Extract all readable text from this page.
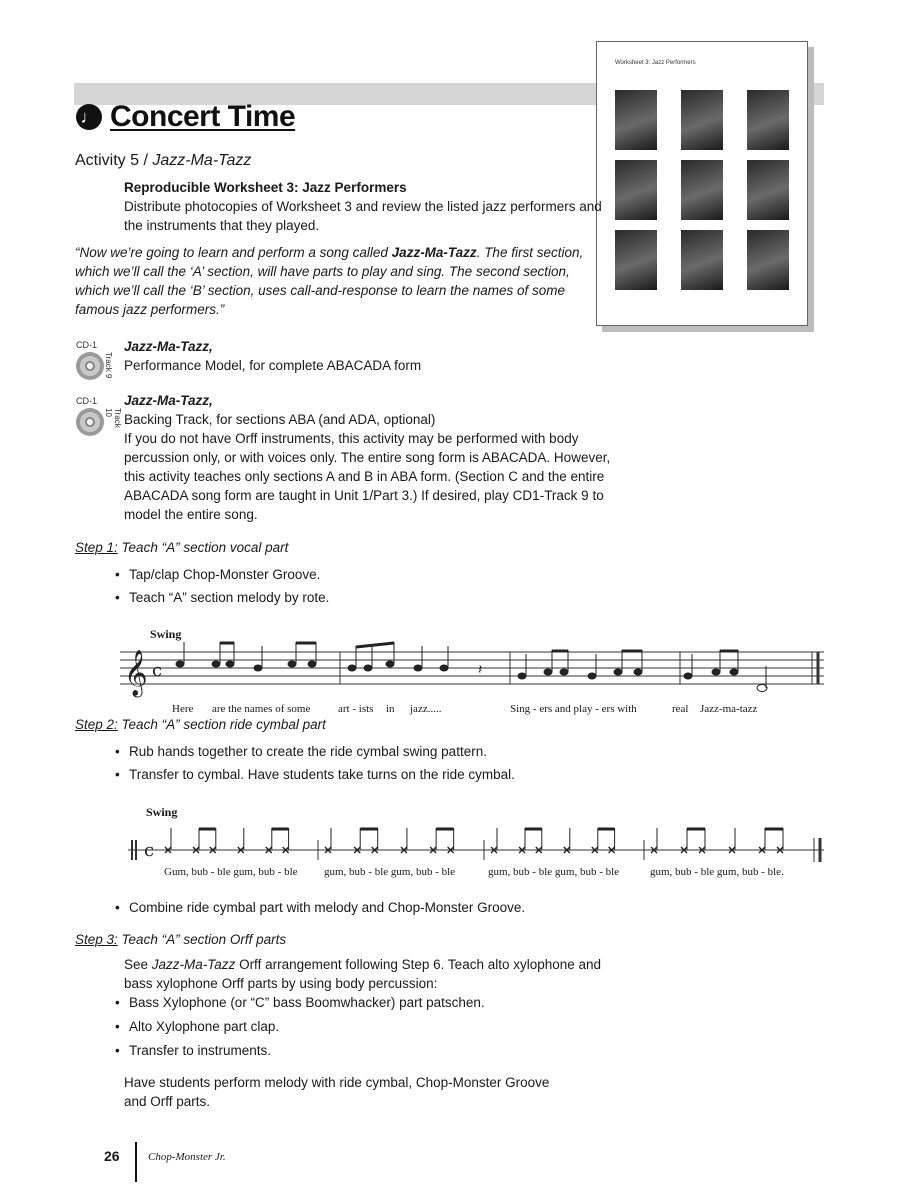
Worksheet 3: Jazz Performers
♩ Concert Time
Activity 5 / Jazz-Ma-Tazz
Reproducible Worksheet 3: Jazz Performers
Distribute photocopies of Worksheet 3 and review the listed jazz performers and
the instruments that they played.
“Now we’re going to learn and perform a song called Jazz-Ma-Tazz. The first section,
which we’ll call the ‘A’ section, will have parts to play and sing. The second section,
which we’ll call the ‘B’ section, uses call-and-response to learn the names of some
famous jazz performers.”
CD-1
Track 9
Jazz-Ma-Tazz,
Performance Model, for complete ABACADA form
CD-1
Track 10
Jazz-Ma-Tazz,
Backing Track, for sections ABA (and ADA, optional)
If you do not have Orff instruments, this activity may be performed with body
percussion only, or with voices only. The entire song form is ABACADA. However,
this activity teaches only sections A and B in ABA form. (Section C and the entire
ABACADA song form are taught in Unit 1/Part 3.) If desired, play CD1-Track 9 to
model the entire song.
Step 1: Teach “A” section vocal part
• Tap/clap Chop-Monster Groove.
• Teach “A” section melody by rote.
Swing
𝄞 c	𝄽
Here are the names of some	art - ists in jazz.....	Sing - ers and play - ers with	real Jazz-ma-tazz
Step 2: Teach “A” section ride cymbal part
• Rub hands together to create the ride cymbal swing pattern.
• Transfer to cymbal. Have students take turns on the ride cymbal.
Swing
c
Gum, bub - ble gum, bub - ble gum, bub - ble gum, bub - ble	gum, bub - ble gum, bub - ble	gum, bub - ble gum, bub - ble.
• Combine ride cymbal part with melody and Chop-Monster Groove.
Step 3: Teach “A” section Orff parts
See Jazz-Ma-Tazz Orff arrangement following Step 6. Teach alto xylophone and
bass xylophone Orff parts by using body percussion:
• Bass Xylophone (or “C” bass Boomwhacker) part patschen.
• Alto Xylophone part clap.
• Transfer to instruments.
Have students perform melody with ride cymbal, Chop-Monster Groove
and Orff parts.
26	Chop-Monster Jr.
